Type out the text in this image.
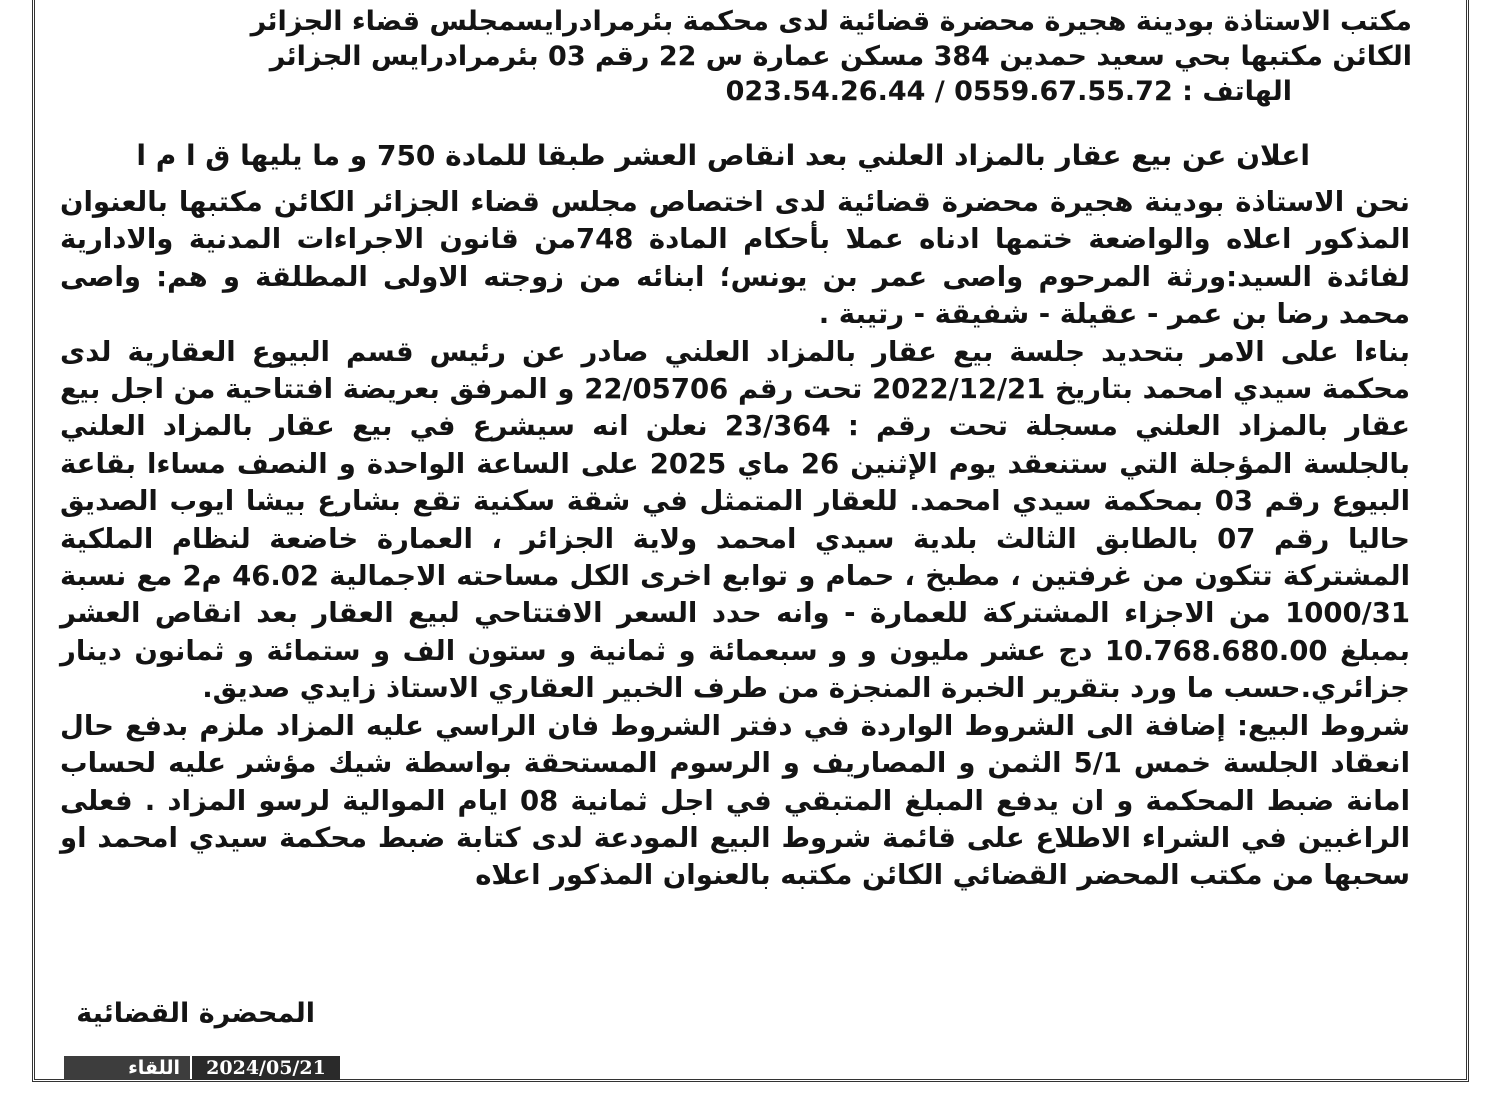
مكتب الاستاذة بودينة هجيرة محضرة قضائية لدى محكمة بئرمرادرايسمجلس قضاء الجزائر
الكائن مكتبها بحي سعيد حمدين 384 مسكن عمارة س 22 رقم 03 بئرمرادرايس الجزائر
الهاتف : 0559.67.55.72 / 023.54.26.44
اعلان عن بيع عقار بالمزاد العلني بعد انقاص العشر طبقا للمادة 750 و ما يليها ق ا م ا

نحن الاستاذة بودينة هجيرة محضرة قضائية لدى اختصاص مجلس قضاء الجزائر الكائن مكتبها بالعنوان المذكور اعلاه والواضعة ختمها ادناه عملا بأحكام المادة 748من قانون الاجراءات المدنية والادارية لفائدة السيد:ورثة المرحوم واصى عمر بن يونس؛ ابنائه من زوجته الاولى المطلقة و هم: واصى محمد رضا بن عمر - عقيلة - شفيقة - رتيبة .

بناءا على الامر بتحديد جلسة بيع عقار بالمزاد العلني صادر عن رئيس قسم البيوع العقارية لدى محكمة سيدي امحمد بتاريخ 2022/12/21 تحت رقم 22/05706 و المرفق بعريضة افتتاحية من اجل بيع عقار بالمزاد العلني مسجلة تحت رقم : 23/364 نعلن انه سيشرع في بيع عقار بالمزاد العلني بالجلسة المؤجلة التي ستنعقد يوم الإثنين 26 ماي 2025 على الساعة الواحدة و النصف مساءا بقاعة البيوع رقم 03 بمحكمة سيدي امحمد. للعقار المتمثل في شقة سكنية تقع بشارع بيشا ايوب الصديق حاليا رقم 07 بالطابق الثالث بلدية سيدي امحمد ولاية الجزائر ، العمارة خاضعة لنظام الملكية المشتركة تتكون من غرفتين ، مطبخ ، حمام و توابع اخرى الكل مساحته الاجمالية 46.02 م2 مع نسبة 1000/31 من الاجزاء المشتركة للعمارة - وانه حدد السعر الافتتاحي لبيع العقار بعد انقاص العشر بمبلغ 10.768.680.00 دج عشر مليون و و سبعمائة و ثمانية و ستون الف و ستمائة و ثمانون دينار جزائري.حسب ما ورد بتقرير الخبرة المنجزة من طرف الخبير العقاري الاستاذ زايدي صديق.

شروط البيع: إضافة الى الشروط الواردة في دفتر الشروط فان الراسي عليه المزاد ملزم بدفع حال انعقاد الجلسة خمس 5/1 الثمن و المصاريف و الرسوم المستحقة بواسطة شيك مؤشر عليه لحساب امانة ضبط المحكمة و ان يدفع المبلغ المتبقي في اجل ثمانية 08 ايام الموالية لرسو المزاد . فعلى الراغبين في الشراء الاطلاع على قائمة شروط البيع المودعة لدى كتابة ضبط محكمة سيدي امحمد او سحبها من مكتب المحضر القضائي الكائن مكتبه بالعنوان المذكور اعلاه

المحضرة القضائية
اللقاء	2024/05/21
